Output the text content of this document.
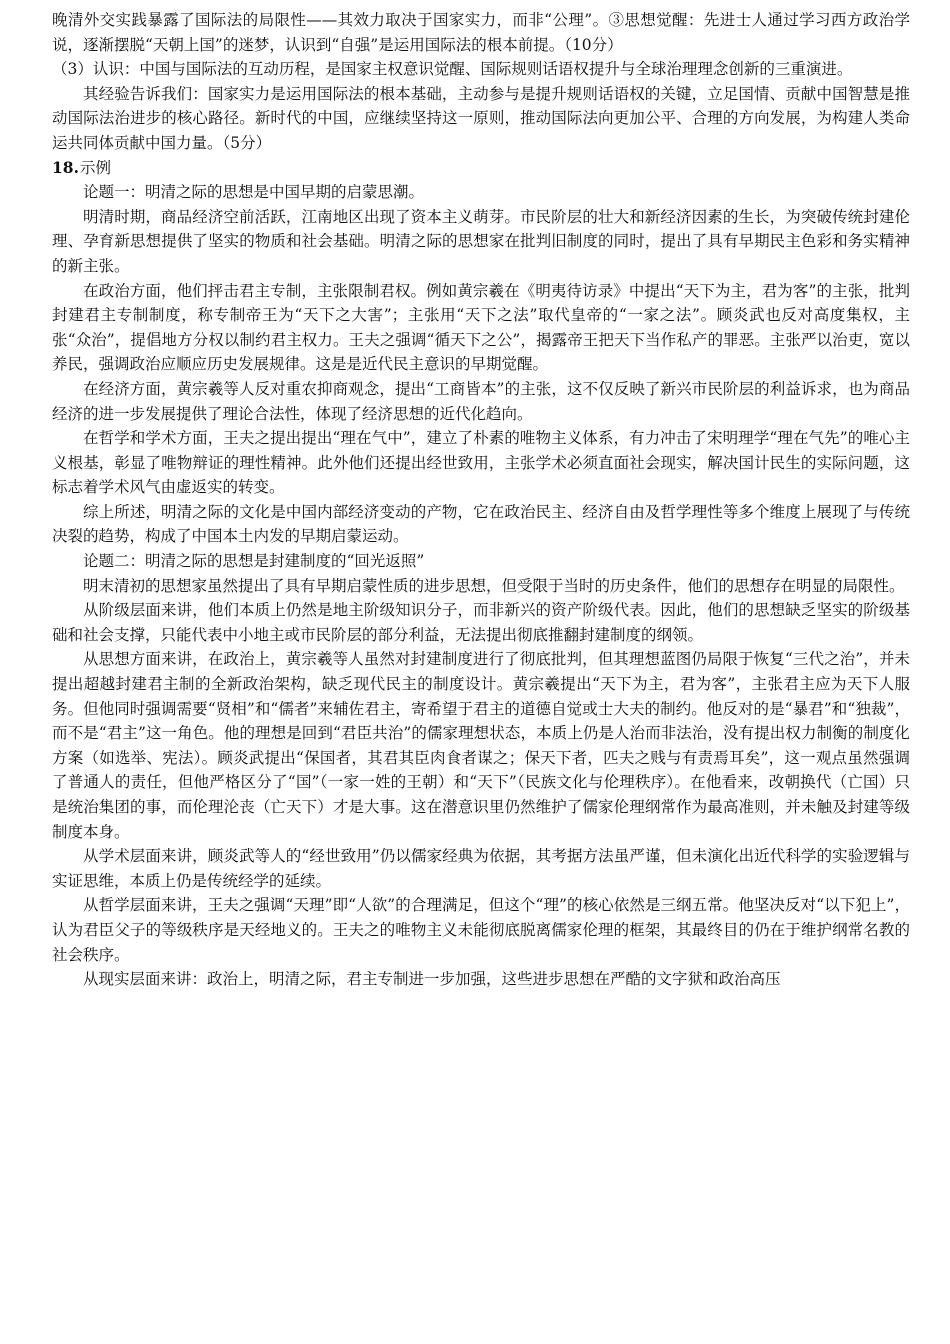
晚清外交实践暴露了国际法的局限性——其效力取决于国家实力，而非“公理”。③思想觉醒：先进士人通过学习西方政治学说，逐渐摆脱“天朝上国”的迷梦，认识到“自强”是运用国际法的根本前提。（10分）

（3）认识：中国与国际法的互动历程，是国家主权意识觉醒、国际规则话语权提升与全球治理理念创新的三重演进。

其经验告诉我们：国家实力是运用国际法的根本基础，主动参与是提升规则话语权的关键，立足国情、贡献中国智慧是推动国际法治进步的核心路径。新时代的中国，应继续坚持这一原则，推动国际法向更加公平、合理的方向发展，为构建人类命运共同体贡献中国力量。（5分）

18.示例

论题一：明清之际的思想是中国早期的启蒙思潮。

明清时期，商品经济空前活跃，江南地区出现了资本主义萌芽。市民阶层的壮大和新经济因素的生长，为突破传统封建伦理、孕育新思想提供了坚实的物质和社会基础。明清之际的思想家在批判旧制度的同时，提出了具有早期民主色彩和务实精神的新主张。

在政治方面，他们抨击君主专制，主张限制君权。例如黄宗羲在《明夷待访录》中提出“天下为主，君为客”的主张，批判封建君主专制制度，称专制帝王为“天下之大害”；主张用“天下之法”取代皇帝的“一家之法”。顾炎武也反对高度集权，主张“众治”，提倡地方分权以制约君主权力。王夫之强调“循天下之公”，揭露帝王把天下当作私产的罪恶。主张严以治吏，宽以养民，强调政治应顺应历史发展规律。这是是近代民主意识的早期觉醒。

在经济方面，黄宗羲等人反对重农抑商观念，提出“工商皆本”的主张，这不仅反映了新兴市民阶层的利益诉求，也为商品经济的进一步发展提供了理论合法性，体现了经济思想的近代化趋向。

在哲学和学术方面，王夫之提出提出“理在气中”，建立了朴素的唯物主义体系，有力冲击了宋明理学“理在气先”的唯心主义根基，彰显了唯物辩证的理性精神。此外他们还提出经世致用，主张学术必须直面社会现实，解决国计民生的实际问题，这标志着学术风气由虚返实的转变。

综上所述，明清之际的文化是中国内部经济变动的产物，它在政治民主、经济自由及哲学理性等多个维度上展现了与传统决裂的趋势，构成了中国本土内发的早期启蒙运动。

论题二：明清之际的思想是封建制度的“回光返照”

明末清初的思想家虽然提出了具有早期启蒙性质的进步思想，但受限于当时的历史条件，他们的思想存在明显的局限性。

从阶级层面来讲，他们本质上仍然是地主阶级知识分子，而非新兴的资产阶级代表。因此，他们的思想缺乏坚实的阶级基础和社会支撑，只能代表中小地主或市民阶层的部分利益，无法提出彻底推翻封建制度的纲领。

从思想方面来讲，在政治上，黄宗羲等人虽然对封建制度进行了彻底批判，但其理想蓝图仍局限于恢复“三代之治”，并未提出超越封建君主制的全新政治架构，缺乏现代民主的制度设计。黄宗羲提出“天下为主，君为客”，主张君主应为天下人服务。但他同时强调需要“贤相”和“儒者”来辅佐君主，寄希望于君主的道德自觉或士大夫的制约。他反对的是“暴君”和“独裁”，而不是“君主”这一角色。他的理想是回到“君臣共治”的儒家理想状态，本质上仍是人治而非法治，没有提出权力制衡的制度化方案（如选举、宪法）。顾炎武提出“保国者，其君其臣肉食者谋之；保天下者，匹夫之贱与有责焉耳矣”，这一观点虽然强调了普通人的责任，但他严格区分了“国”（一家一姓的王朝）和“天下”（民族文化与伦理秩序）。在他看来，改朝换代（亡国）只是统治集团的事，而伦理沦丧（亡天下）才是大事。这在潜意识里仍然维护了儒家伦理纲常作为最高准则，并未触及封建等级制度本身。

从学术层面来讲，顾炎武等人的“经世致用”仍以儒家经典为依据，其考据方法虽严谨，但未演化出近代科学的实验逻辑与实证思维，本质上仍是传统经学的延续。

从哲学层面来讲，王夫之强调“天理”即“人欲”的合理满足，但这个“理”的核心依然是三纲五常。他坚决反对“以下犯上”，认为君臣父子的等级秩序是天经地义的。王夫之的唯物主义未能彻底脱离儒家伦理的框架，其最终目的仍在于维护纲常名教的社会秩序。

从现实层面来讲：政治上，明清之际，君主专制进一步加强，这些进步思想在严酷的文字狱和政治高压
